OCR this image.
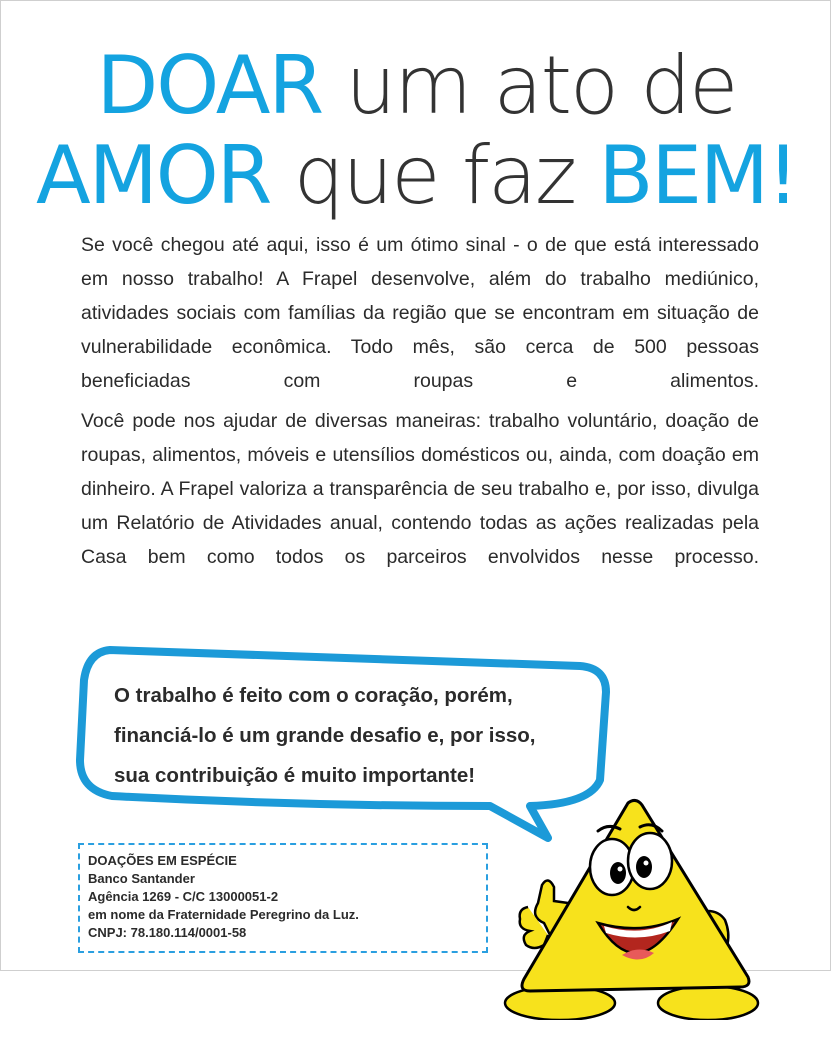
DOAR um ato de
AMOR que faz BEM!
Se você chegou até aqui, isso é um ótimo sinal - o de que está interessado em nosso trabalho! A Frapel desenvolve, além do trabalho mediúnico, atividades sociais com famílias da região que se encontram em situação de vulnerabilidade econômica. Todo mês, são cerca de 500 pessoas beneficiadas com roupas e alimentos.
Você pode nos ajudar de diversas maneiras: trabalho voluntário, doação de roupas, alimentos, móveis e utensílios domésticos ou, ainda, com doação em dinheiro. A Frapel valoriza a transparência de seu trabalho e, por isso, divulga um Relatório de Atividades anual, contendo todas as ações realizadas pela Casa bem como todos os parceiros envolvidos nesse processo.
O trabalho é feito com o coração, porém,
financiá-lo é um grande desafio e, por isso,
sua contribuição é muito importante!
DOAÇÕES EM ESPÉCIE
Banco Santander
Agência 1269 - C/C 13000051-2
em nome da Fraternidade Peregrino da Luz.
CNPJ: 78.180.114/0001-58
